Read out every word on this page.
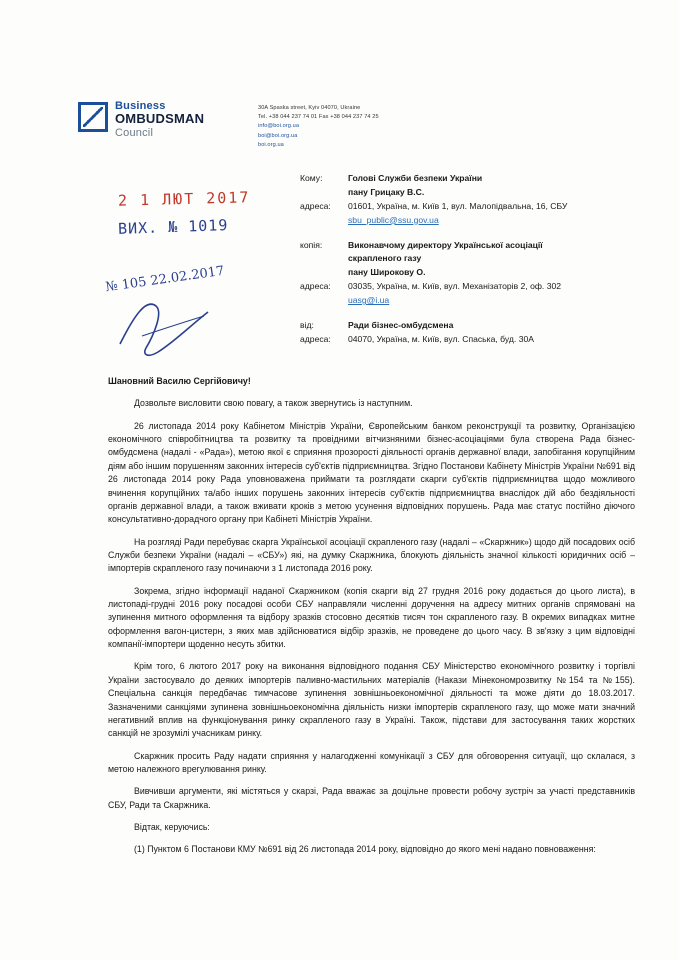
Business
OMBUDSMAN
Council
30A Spaska street, Kyiv 04070, Ukraine
Tel. +38 044 237 74 01 Fax +38 044 237 74 25
info@boi.org.ua
boi@boi.org.ua
boi.org.ua
2 1 ЛЮТ 2017
ВИХ. № 1019
№ 105 22.02.2017
Кому:	Голові Служби безпеки України
пану Грицаку В.С.
адреса:	01601, Україна, м. Київ 1, вул. Малопідвальна, 16, СБУ
sbu_public@ssu.gov.ua
копія:	Виконавчому директору Української асоціації
скрапленого газу
пану Широкову О.
адреса:	03035, Україна, м. Київ, вул. Механізаторів 2, оф. 302
uasg@i.ua
від:	Ради бізнес-омбудсмена
адреса:	04070, Україна, м. Київ, вул. Спаська, буд. 30А

Шановний Василю Сергійовичу!

Дозвольте висловити свою повагу, а також звернутись із наступним.

26 листопада 2014 року Кабінетом Міністрів України, Європейським банком реконструкції та розвитку, Організацією економічного співробітництва та розвитку та провідними вітчизняними бізнес-асоціаціями була створена Рада бізнес-омбудсмена (надалі - «Рада»), метою якої є сприяння прозорості діяльності органів державної влади, запобігання корупційним діям або іншим порушенням законних інтересів суб'єктів підприємництва. Згідно Постанови Кабінету Міністрів України №691 від 26 листопада 2014 року Рада уповноважена приймати та розглядати скарги суб'єктів підприємництва щодо можливого вчинення корупційних та/або інших порушень законних інтересів суб'єктів підприємництва внаслідок дій або бездіяльності органів державної влади, а також вживати кроків з метою усунення відповідних порушень. Рада має статус постійно діючого консультативно-дорадчого органу при Кабінеті Міністрів України.

На розгляді Ради перебуває скарга Української асоціації скрапленого газу (надалі – «Скаржник») щодо дій посадових осіб Служби безпеки України (надалі – «СБУ») які, на думку Скаржника, блокують діяльність значної кількості юридичних осіб – імпортерів скрапленого газу починаючи з 1 листопада 2016 року.

Зокрема, згідно інформації наданої Скаржником (копія скарги від 27 грудня 2016 року додається до цього листа), в листопаді-грудні 2016 року посадові особи СБУ направляли численні доручення на адресу митних органів спрямовані на зупинення митного оформлення та відбору зразків стосовно десятків тисяч тон скрапленого газу. В окремих випадках митне оформлення вагон-цистерн, з яких мав здійснюватися відбір зразків, не проведене до цього часу. В зв'язку з цим відповідні компанії-імпортери щоденно несуть збитки.

Крім того, 6 лютого 2017 року на виконання відповідного подання СБУ Міністерство економічного розвитку і торгівлі України застосувало до деяких імпортерів паливно-мастильних матеріалів (Накази Мінекономрозвитку №154 та №155). Спеціальна санкція передбачає тимчасове зупинення зовнішньоекономічної діяльності та може діяти до 18.03.2017. Зазначеними санкціями зупинена зовнішньоекономічна діяльність низки імпортерів скрапленого газу, що може мати значний негативний вплив на функціонування ринку скрапленого газу в Україні. Також, підстави для застосування таких жорстких санкцій не зрозумілі учасникам ринку.

Скаржник просить Раду надати сприяння у налагодженні комунікації з СБУ для обговорення ситуації, що склалася, з метою належного врегулювання ринку.

Вивчивши аргументи, які містяться у скарзі, Рада вважає за доцільне провести робочу зустріч за участі представників СБУ, Ради та Скаржника.

Відтак, керуючись:

(1) Пунктом 6 Постанови КМУ №691 від 26 листопада 2014 року, відповідно до якого мені надано повноваження:
